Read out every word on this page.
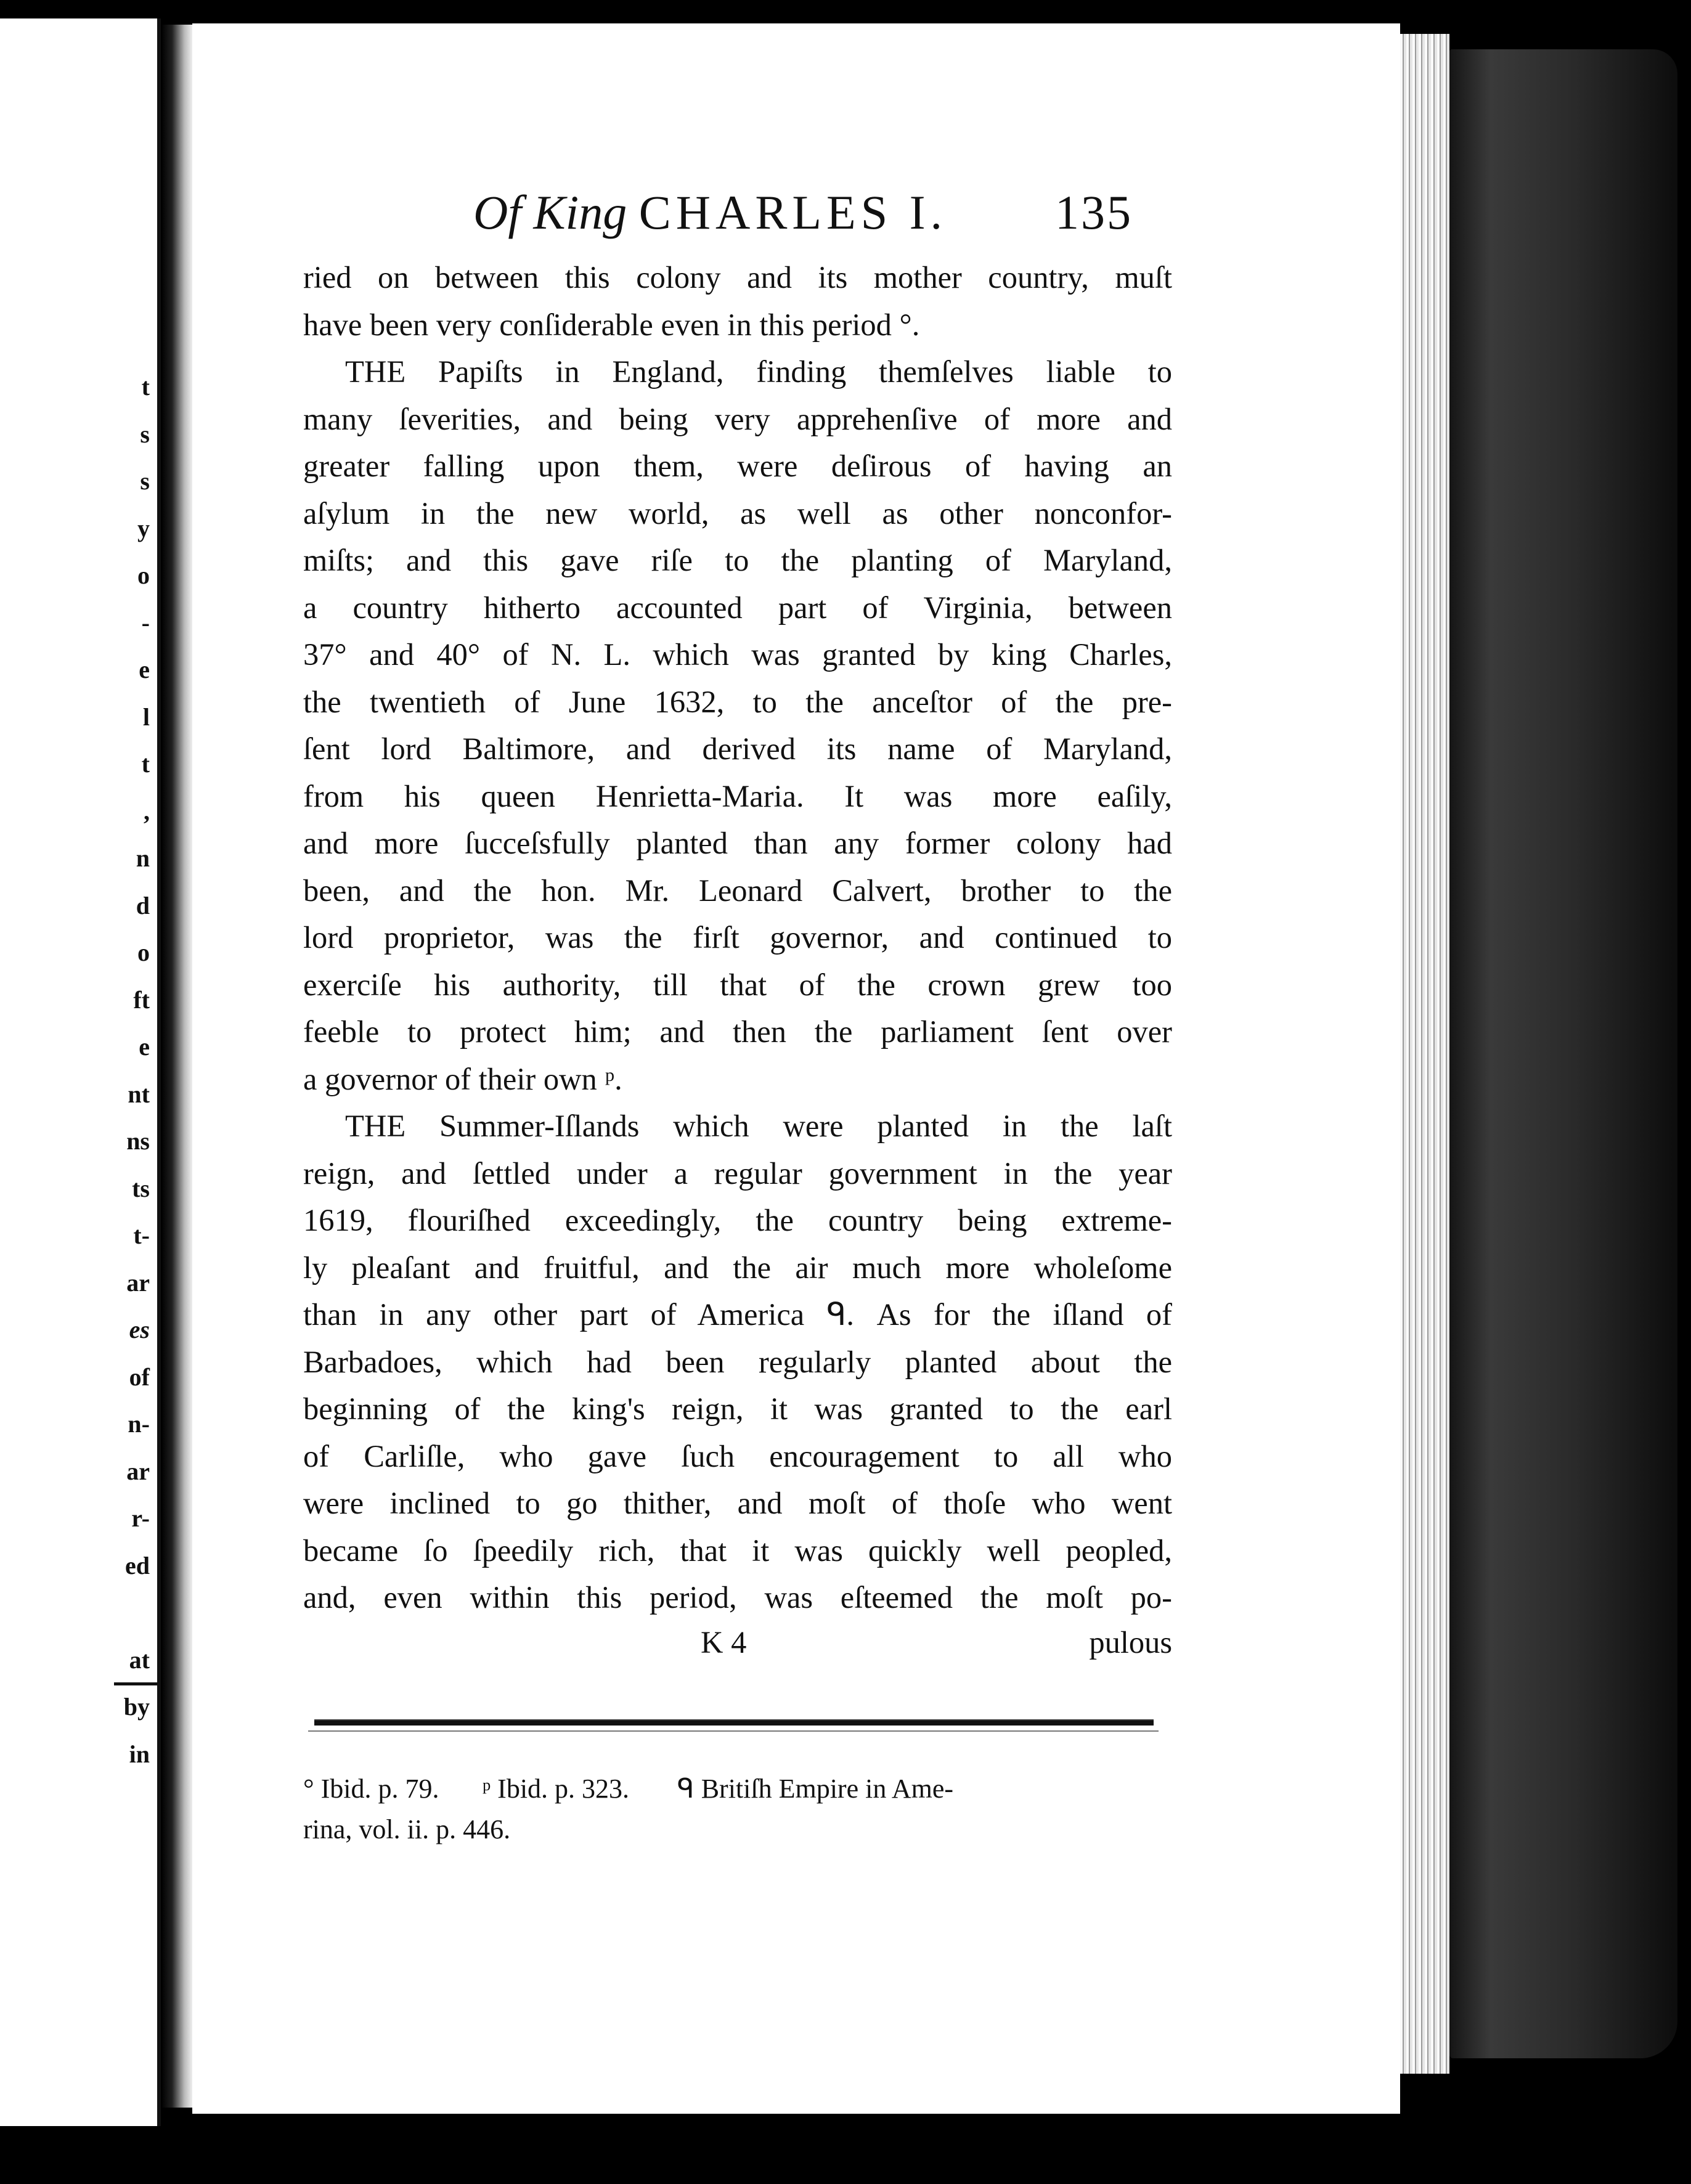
t
s
s
y
o
-
e
l
t
,
n
d
o
ft
e
nt
ns
ts
t-
ar
es
of
n-
ar
r-
ed
at
by
in
Of King CHARLES I. 135
ried on between this colony and its mother country, muſt
have been very conſiderable even in this period °.
THE Papiſts in England, finding themſelves liable to
many ſeverities, and being very apprehenſive of more and
greater falling upon them, were deſirous of having an
aſylum in the new world, as well as other nonconfor-
miſts; and this gave riſe to the planting of Maryland,
a country hitherto accounted part of Virginia, between
37° and 40° of N. L. which was granted by king Charles,
the twentieth of June 1632, to the anceſtor of the pre-
ſent lord Baltimore, and derived its name of Maryland,
from his queen Henrietta-Maria. It was more eaſily,
and more ſucceſsfully planted than any former colony had
been, and the hon. Mr. Leonard Calvert, brother to the
lord proprietor, was the firſt governor, and continued to
exerciſe his authority, till that of the crown grew too
feeble to protect him; and then the parliament ſent over
a governor of their own ᵖ.
THE Summer-Iſlands which were planted in the laſt
reign, and ſettled under a regular government in the year
1619, flouriſhed exceedingly, the country being extreme-
ly pleaſant and fruitful, and the air much more wholeſome
than in any other part of America ᑫ. As for the iſland of
Barbadoes, which had been regularly planted about the
beginning of the king's reign, it was granted to the earl
of Carliſle, who gave ſuch encouragement to all who
were inclined to go thither, and moſt of thoſe who went
became ſo ſpeedily rich, that it was quickly well peopled,
and, even within this period, was eſteemed the moſt po-
K 4	pulous
° Ibid. p. 79. ᵖ Ibid. p. 323. ᑫ Britiſh Empire in Ame-
rina, vol. ii. p. 446.
